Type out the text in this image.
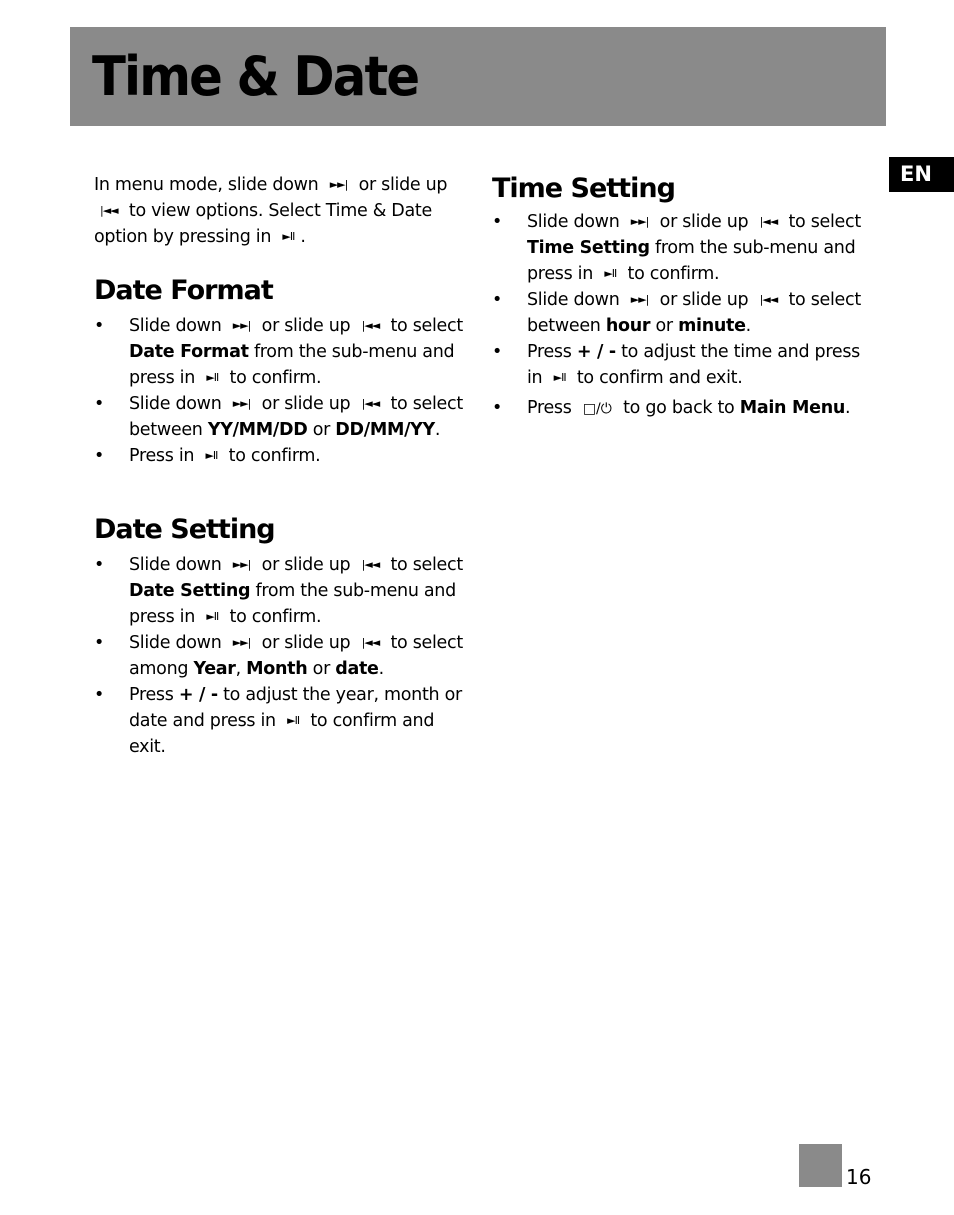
Time & Date
EN

In menu mode, slide down ►►| or slide up |◄◄ to view options. Select Time & Date option by pressing in ►II .

Date Format
• Slide down ►►| or slide up |◄◄ to select Date Format from the sub-menu and press in ►II to confirm.
• Slide down ►►| or slide up |◄◄ to select between YY/MM/DD or DD/MM/YY.
• Press in ►II to confirm.
Date Setting
• Slide down ►►| or slide up |◄◄ to select Date Setting from the sub-menu and press in ►II to confirm.
• Slide down ►►| or slide up |◄◄ to select among Year, Month or date.
• Press + / - to adjust the year, month or date and press in ►II to confirm and exit.
Time Setting
• Slide down ►►| or slide up |◄◄ to select Time Setting from the sub-menu and press in ►II to confirm.
• Slide down ►►| or slide up |◄◄ to select between hour or minute.
• Press + / - to adjust the time and press in ►II to confirm and exit.
• Press □/⏻ to go back to Main Menu.
16
